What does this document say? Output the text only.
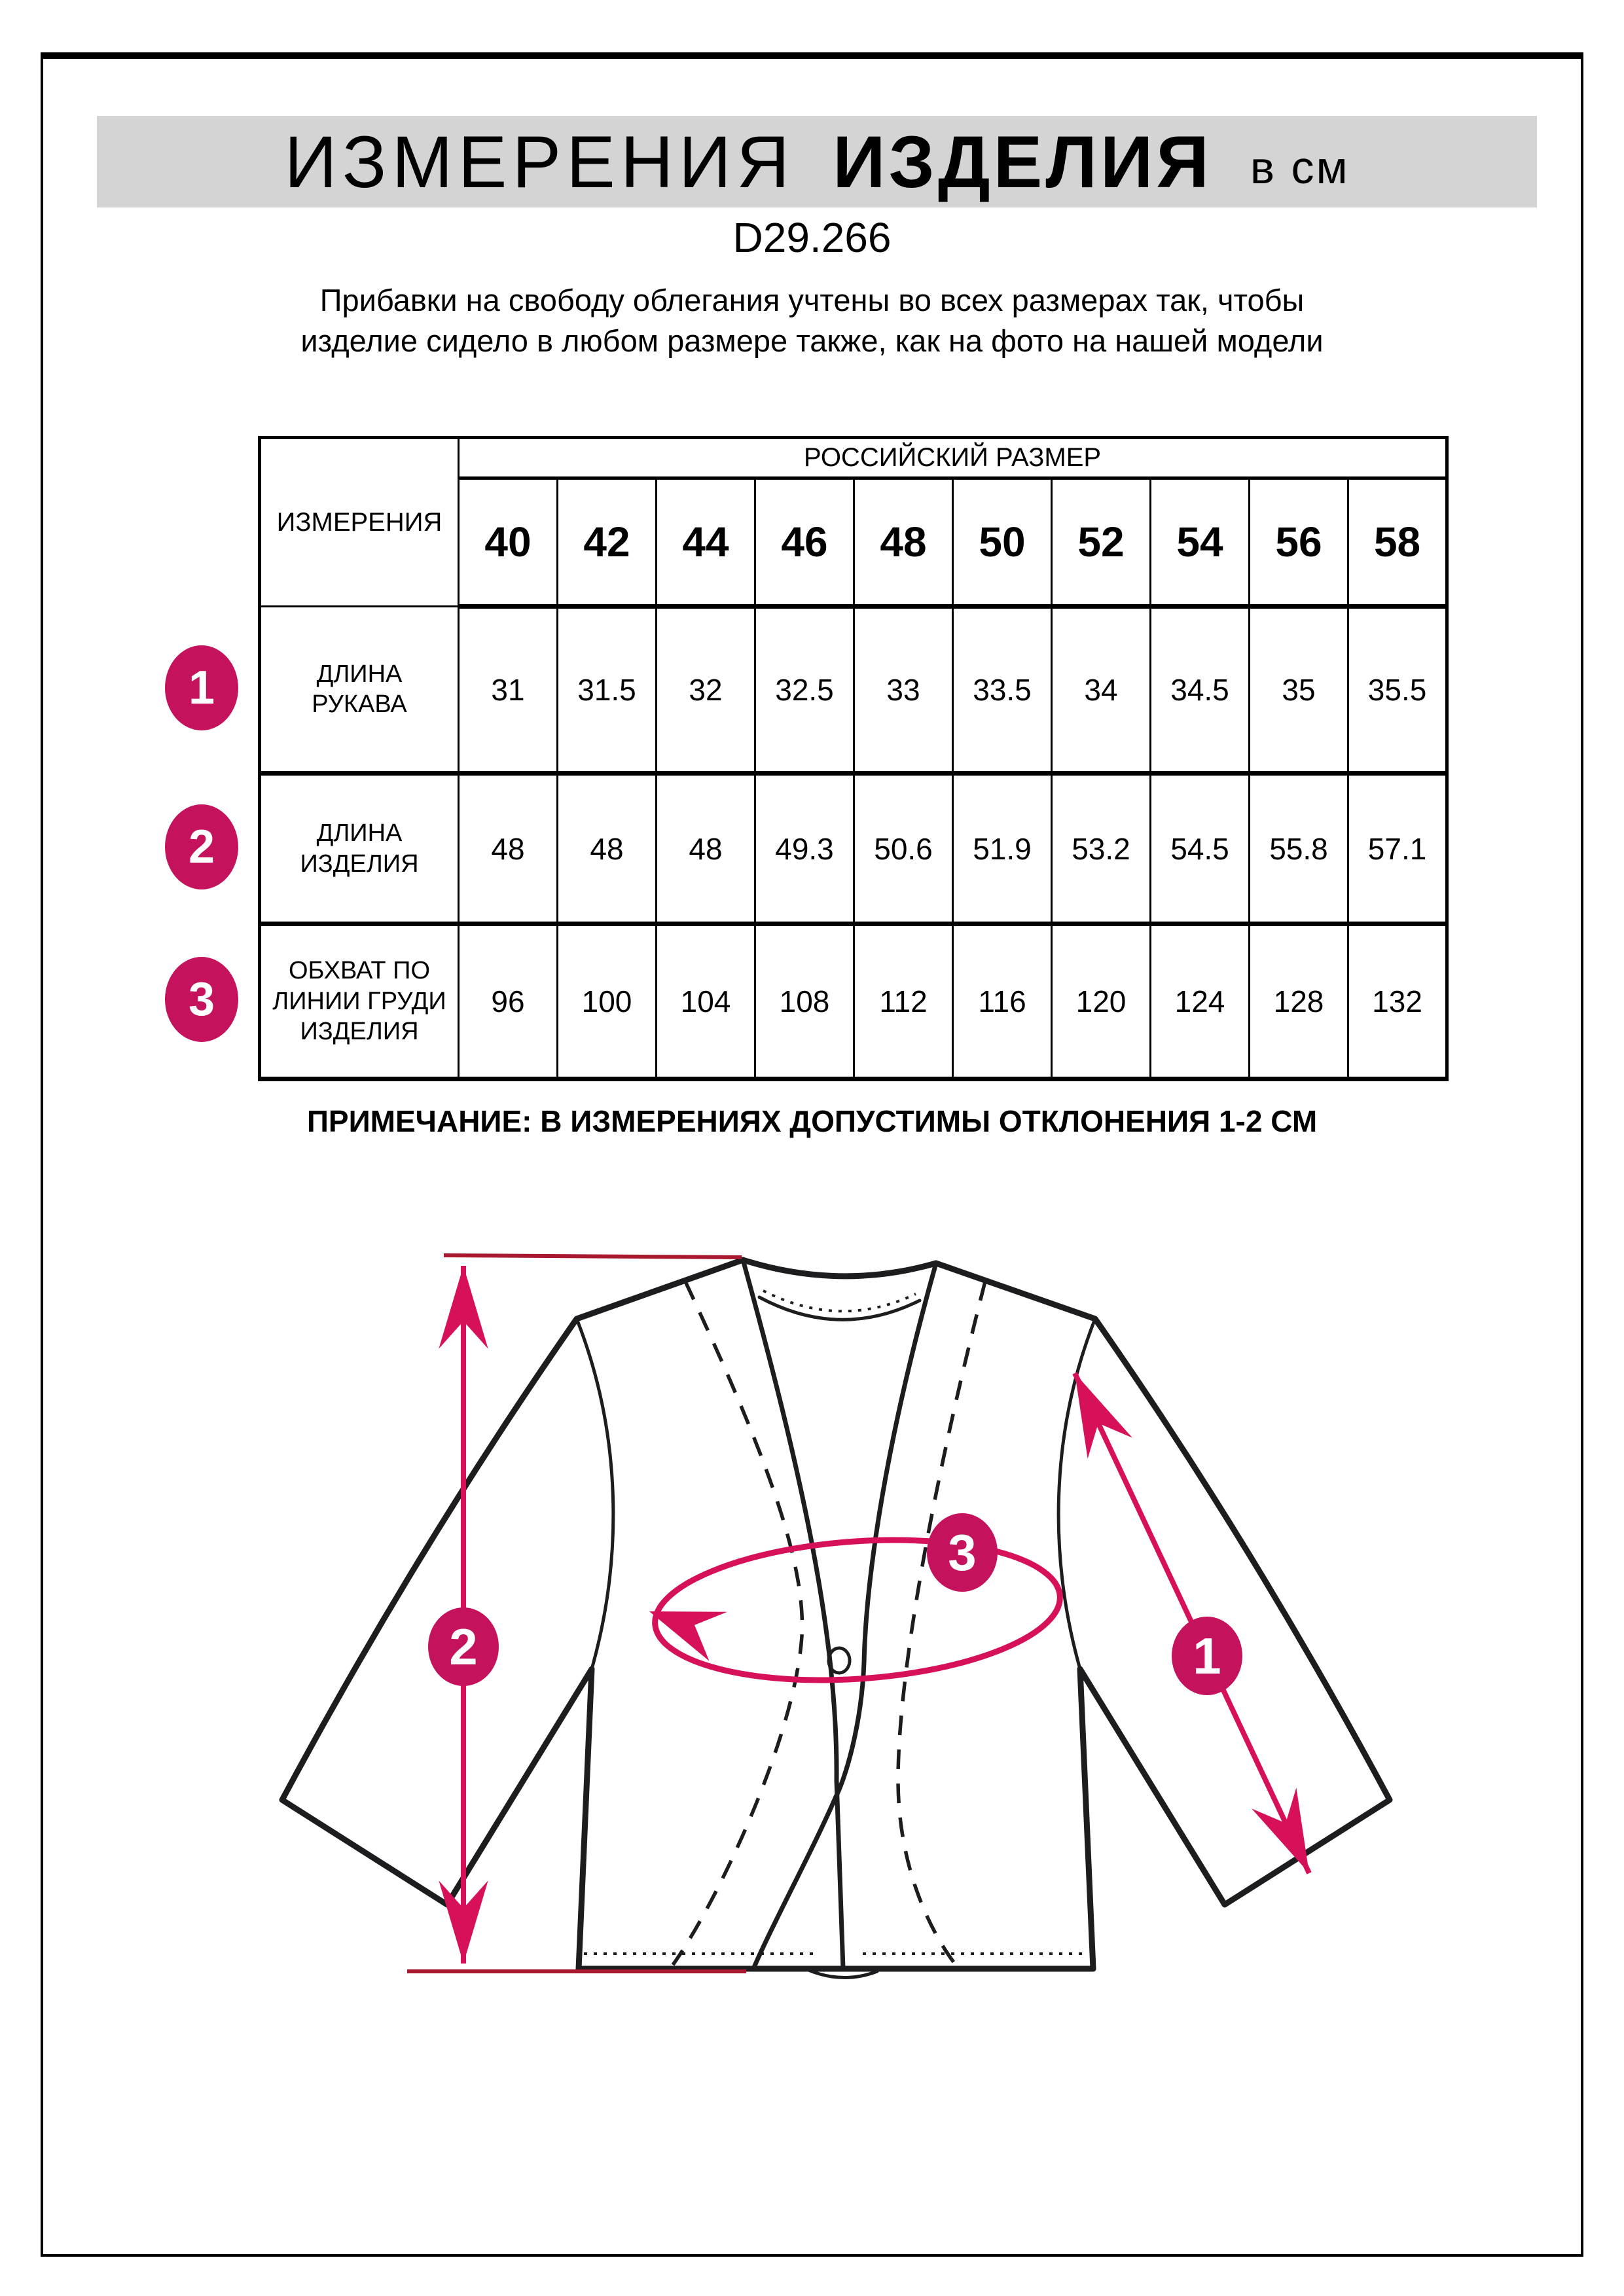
ИЗМЕРЕНИЯ ИЗДЕЛИЯ в см
D29.266
Прибавки на свободу облегания учтены во всех размерах так, чтобы изделие сидело в любом размере также, как на фото на нашей модели
ИЗМЕРЕНИЯ	РОССИЙСКИЙ РАЗМЕР									
	40	42	44	46	48	50	52	54	56	58
ДЛИНА РУКАВА	31	31.5	32	32.5	33	33.5	34	34.5	35	35.5
ДЛИНА ИЗДЕЛИЯ	48	48	48	49.3	50.6	51.9	53.2	54.5	55.8	57.1
ОБХВАТ ПО ЛИНИИ ГРУДИ ИЗДЕЛИЯ	96	100	104	108	112	116	120	124	128	132
1
2
3
ПРИМЕЧАНИЕ: В ИЗМЕРЕНИЯХ ДОПУСТИМЫ ОТКЛОНЕНИЯ 1-2 СМ
2
3
1
